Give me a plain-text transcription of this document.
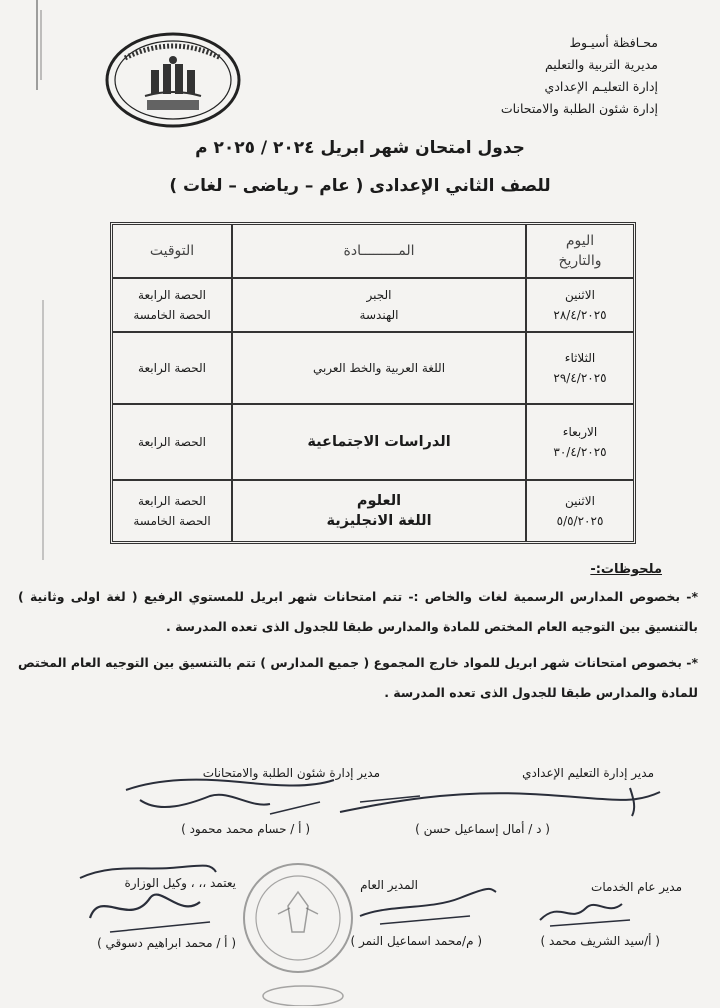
محـافظة أسيـوط
مديرية التربية والتعليم
إدارة التعليـم الإعدادي
إدارة شئون الطلبة والامتحانات
جدول امتحان شهر ابريل ٢٠٢٤ / ٢٠٢٥ م
للصف الثاني الإعدادى ( عام – رياضى – لغات )
اليوم
والتاريخ
المـــــــــادة
التوقيت
الاثنين
٢٨/٤/٢٠٢٥
الجبر
الهندسة
الحصة الرابعة
الحصة الخامسة
الثلاثاء
٢٩/٤/٢٠٢٥
اللغة العربية والخط العربي
الحصة الرابعة
الاربعاء
٣٠/٤/٢٠٢٥
الدراسات الاجتماعية
الحصة الرابعة
الاثنين
٥/٥/٢٠٢٥
العلوم
اللغة الانجليزية
الحصة الرابعة
الحصة الخامسة
ملحوظات:-
*- بخصوص المدارس الرسمية لغات والخاص :- تتم امتحانات شهر ابريل للمستوي الرفيع ( لغة اولى وثانية ) بالتنسيق بين التوجيه العام المختص للمادة والمدارس طبقا للجدول الذى تعده المدرسة .
*- بخصوص امتحانات شهر ابريل للمواد خارج المجموع ( جميع المدارس ) تتم بالتنسيق بين التوجيه العام المختص للمادة والمدارس طبقا للجدول الذى تعده المدرسة .
مدير إدارة التعليم الإعدادي
( د / أمال إسماعيل حسن )
مدير إدارة شئون الطلبة والامتحانات
( أ / حسام محمد محمود )
مدير عام الخدمات
( أ/سيد الشريف محمد )
المدير العام
( م/محمد اسماعيل النمر )
يعتمد ،، ، وكيل الوزارة
( أ / محمد ابراهيم دسوقي )
